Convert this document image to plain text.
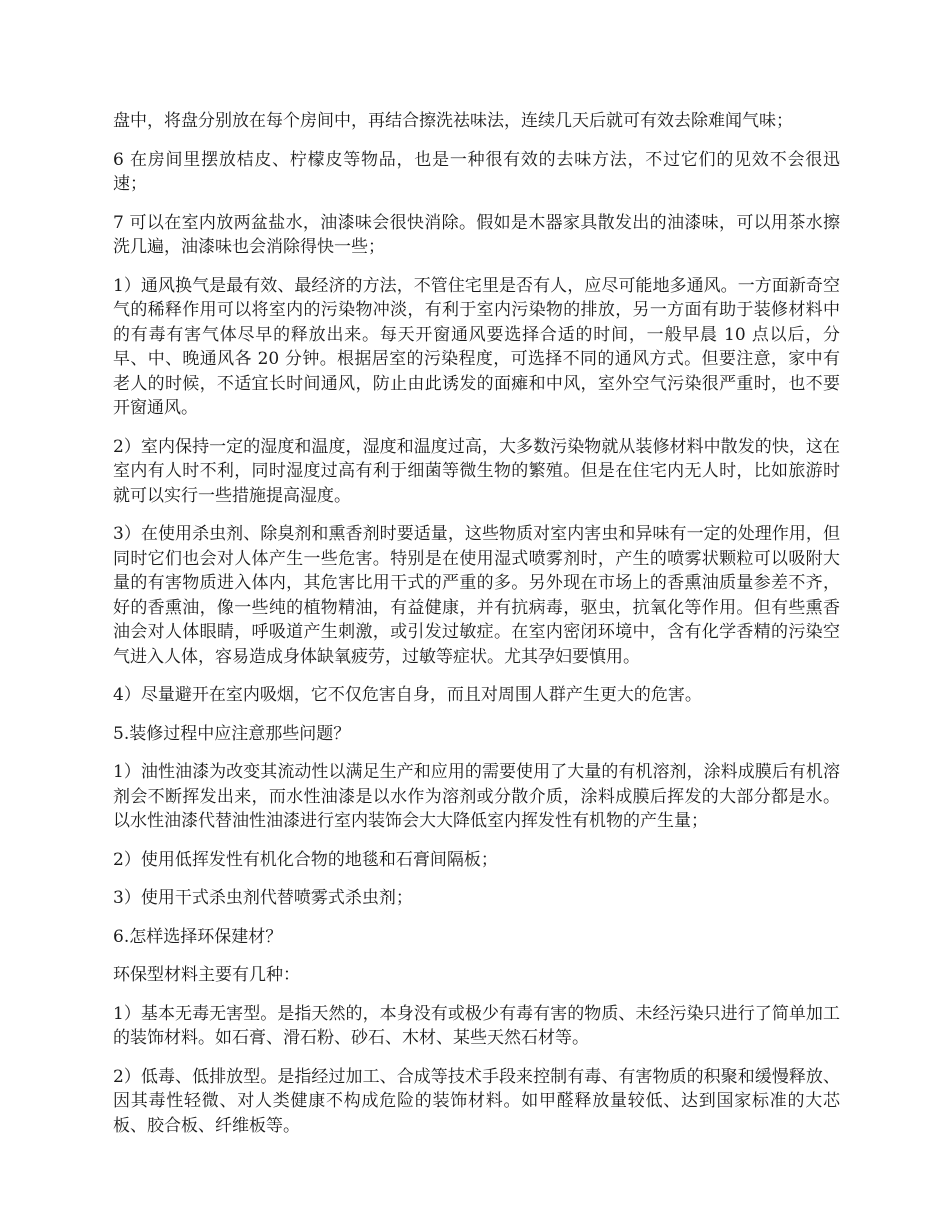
盘中，将盘分别放在每个房间中，再结合擦洗祛味法，连续几天后就可有效去除难闻气味；

6 在房间里摆放桔皮、柠檬皮等物品，也是一种很有效的去味方法，不过它们的见效不会很迅速；

7 可以在室内放两盆盐水，油漆味会很快消除。假如是木器家具散发出的油漆味，可以用茶水擦洗几遍，油漆味也会消除得快一些；

1）通风换气是最有效、最经济的方法，不管住宅里是否有人，应尽可能地多通风。一方面新奇空气的稀释作用可以将室内的污染物冲淡，有利于室内污染物的排放，另一方面有助于装修材料中的有毒有害气体尽早的释放出来。每天开窗通风要选择合适的时间，一般早晨 10 点以后，分早、中、晚通风各 20 分钟。根据居室的污染程度，可选择不同的通风方式。但要注意，家中有老人的时候，不适宜长时间通风，防止由此诱发的面瘫和中风，室外空气污染很严重时，也不要开窗通风。

2）室内保持一定的湿度和温度，湿度和温度过高，大多数污染物就从装修材料中散发的快，这在室内有人时不利，同时湿度过高有利于细菌等微生物的繁殖。但是在住宅内无人时，比如旅游时就可以实行一些措施提高湿度。

3）在使用杀虫剂、除臭剂和熏香剂时要适量，这些物质对室内害虫和异味有一定的处理作用，但同时它们也会对人体产生一些危害。特别是在使用湿式喷雾剂时，产生的喷雾状颗粒可以吸附大量的有害物质进入体内，其危害比用干式的严重的多。另外现在市场上的香熏油质量参差不齐，好的香熏油，像一些纯的植物精油，有益健康，并有抗病毒，驱虫，抗氧化等作用。但有些熏香油会对人体眼睛，呼吸道产生刺激，或引发过敏症。在室内密闭环境中，含有化学香精的污染空气进入人体，容易造成身体缺氧疲劳，过敏等症状。尤其孕妇要慎用。

4）尽量避开在室内吸烟，它不仅危害自身，而且对周围人群产生更大的危害。

5.装修过程中应注意那些问题？

1）油性油漆为改变其流动性以满足生产和应用的需要使用了大量的有机溶剂，涂料成膜后有机溶剂会不断挥发出来，而水性油漆是以水作为溶剂或分散介质，涂料成膜后挥发的大部分都是水。以水性油漆代替油性油漆进行室内装饰会大大降低室内挥发性有机物的产生量；

2）使用低挥发性有机化合物的地毯和石膏间隔板；

3）使用干式杀虫剂代替喷雾式杀虫剂；

6.怎样选择环保建材？

环保型材料主要有几种：

1）基本无毒无害型。是指天然的，本身没有或极少有毒有害的物质、未经污染只进行了简单加工的装饰材料。如石膏、滑石粉、砂石、木材、某些天然石材等。

2）低毒、低排放型。是指经过加工、合成等技术手段来控制有毒、有害物质的积聚和缓慢释放、因其毒性轻微、对人类健康不构成危险的装饰材料。如甲醛释放量较低、达到国家标准的大芯板、胶合板、纤维板等。
